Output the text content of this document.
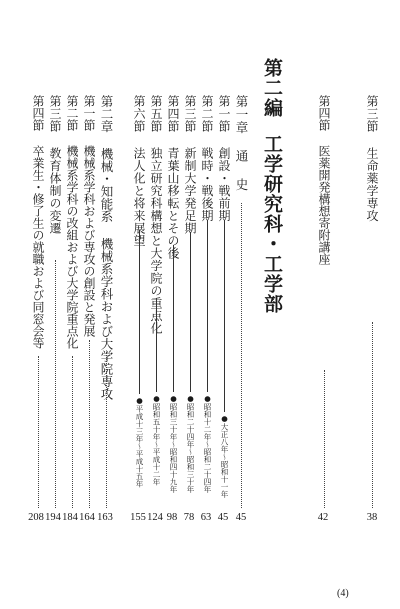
第三節 生命薬学専攻
38
第四節 医薬開発構想寄附講座
42
第二編工学研究科・工学部
第一章 通 史
45
第一節 創設・戦前期
●大正八年～昭和十一年
45
第二節 戦時・戦後期
●昭和十二年～昭和二十四年
63
第三節 新制大学発足期
●昭和二十四年～昭和三十年
78
第四節 青葉山移転とその後
●昭和三十年～昭和四十九年
98
第五節 独立研究科構想と大学院の重点化
●昭和五十年～平成十二年
124
第六節 法人化と将来展望
●平成十三年～平成十五年
155
第二章 機械・知能系 機械系学科および大学院専攻
163
第一節 機械系学科および専攻の創設と発展
164
第二節 機械系学科の改組および大学院重点化
184
第三節 教育体制の変遷
194
第四節 卒業生・修了生の就職および同窓会等
208
(4)
